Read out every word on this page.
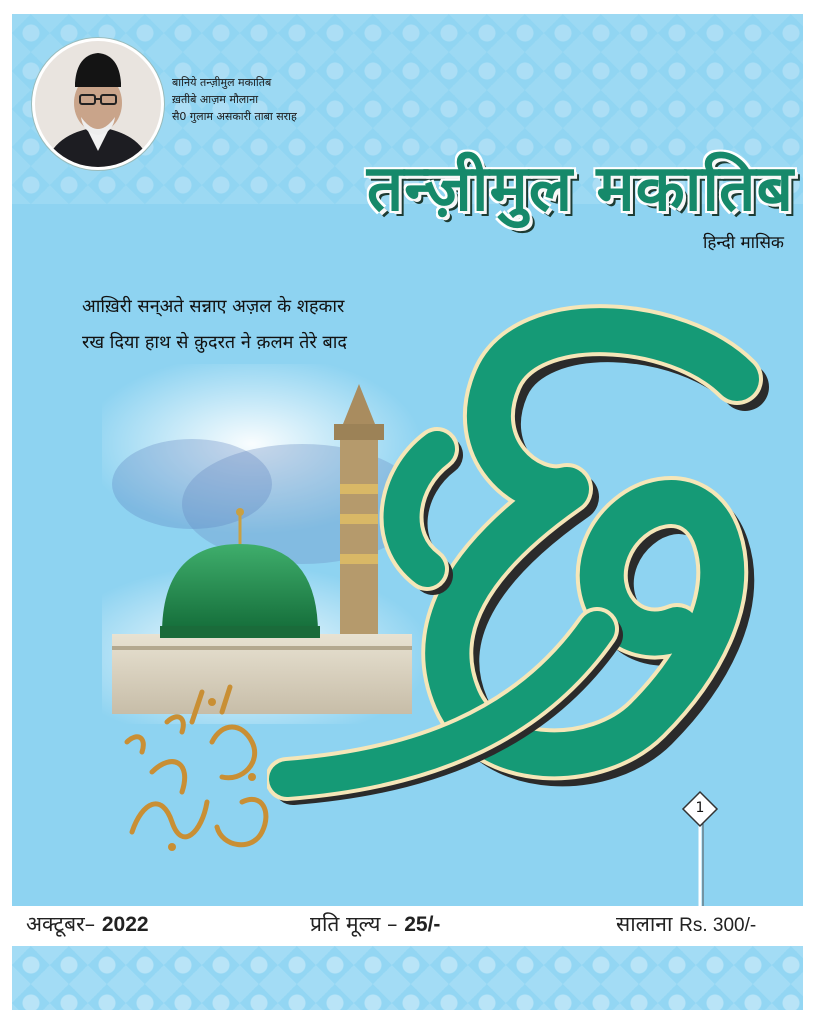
बानिये तन्ज़ीमुल मकातिब
ख़तीबे आज़म मौलाना
सै0 गुलाम असकारी ताबा सराह
तन्ज़ीमुल मकातिब
हिन्दी मासिक
आख़िरी सन्अते सन्नाए अज़ल के शहकार
रख दिया हाथ से क़ुदरत ने क़लम तेरे बाद
1
अक्टूबर– 2022	प्रति मूल्य – 25/-	सालाना Rs. 300/-
